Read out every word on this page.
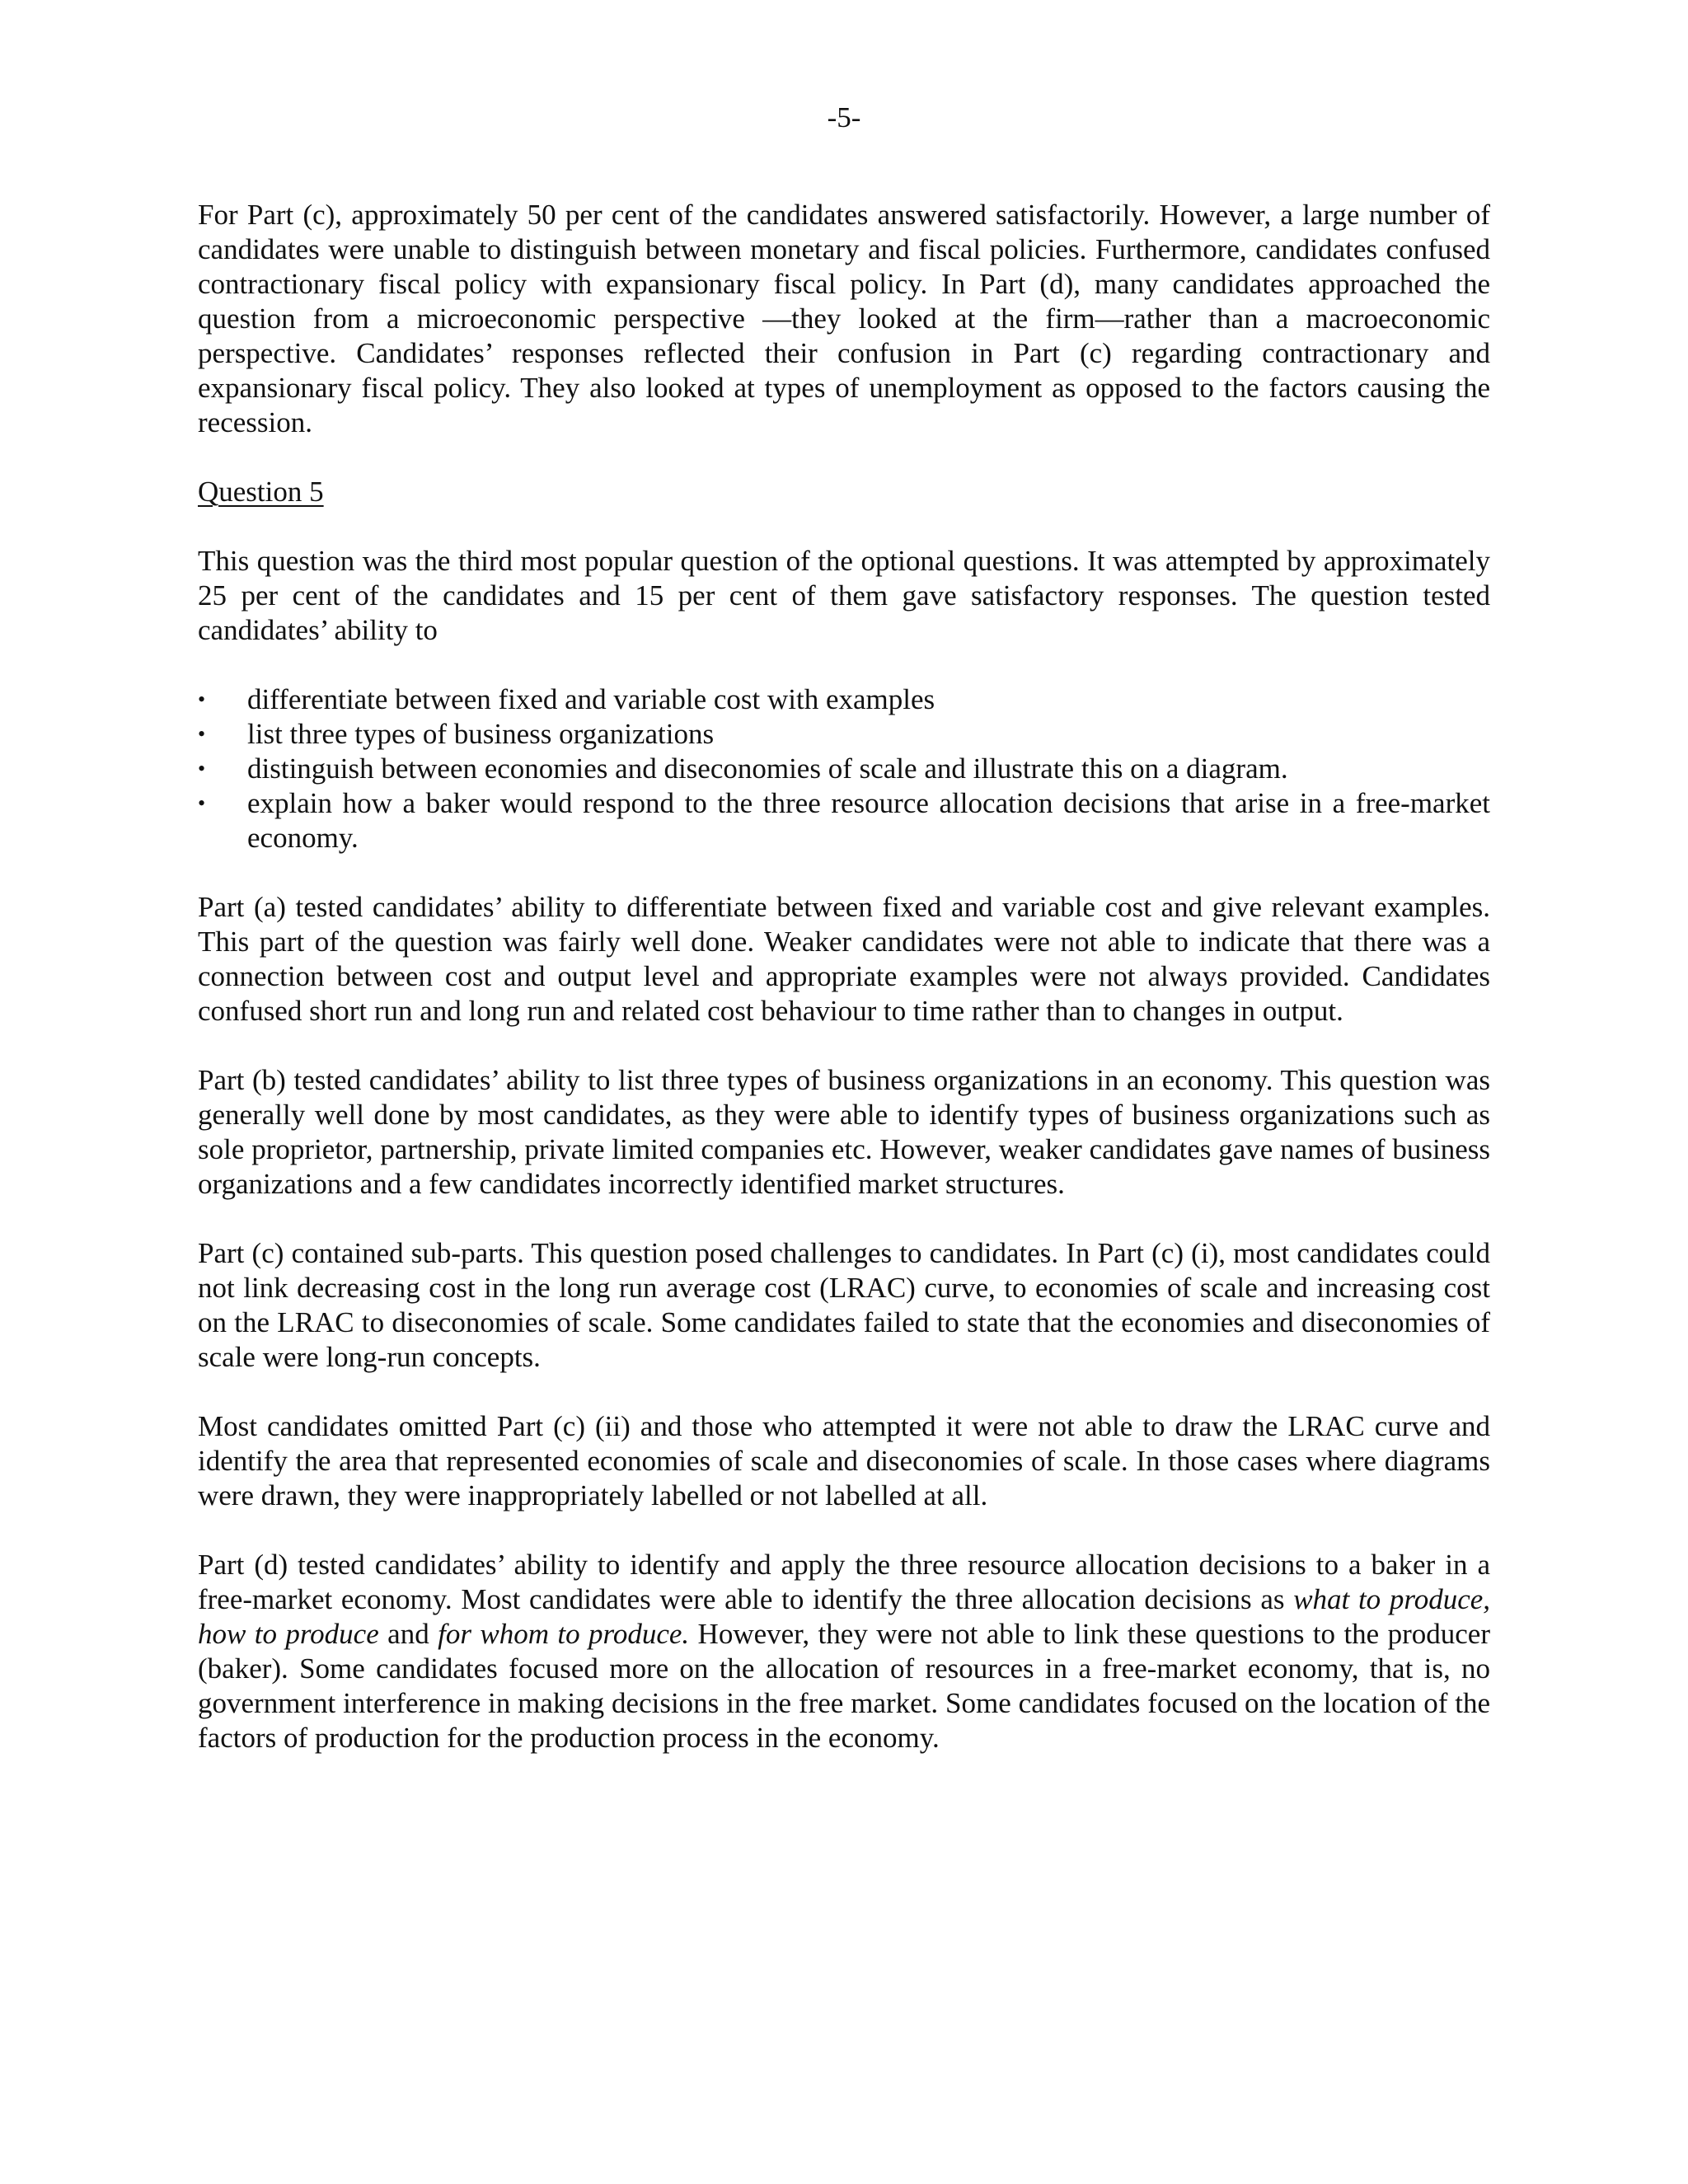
-5-

For Part (c), approximately 50 per cent of the candidates answered satisfactorily. However, a large number of candidates were unable to distinguish between monetary and fiscal policies. Furthermore, candidates confused contractionary fiscal policy with expansionary fiscal policy. In Part (d), many candidates approached the question from a microeconomic perspective —they looked at the firm—rather than a macroeconomic perspective. Candidates’ responses reflected their confusion in Part (c) regarding contractionary and expansionary fiscal policy. They also looked at types of unemployment as opposed to the factors causing the recession.

Question 5

This question was the third most popular question of the optional questions. It was attempted by approximately 25 per cent of the candidates and 15 per cent of them gave satisfactory responses. The question tested candidates’ ability to

• differentiate between fixed and variable cost with examples
• list three types of business organizations
• distinguish between economies and diseconomies of scale and illustrate this on a diagram.
• explain how a baker would respond to the three resource allocation decisions that arise in a free-market economy.

Part (a) tested candidates’ ability to differentiate between fixed and variable cost and give relevant examples. This part of the question was fairly well done. Weaker candidates were not able to indicate that there was a connection between cost and output level and appropriate examples were not always provided. Candidates confused short run and long run and related cost behaviour to time rather than to changes in output.

Part (b) tested candidates’ ability to list three types of business organizations in an economy. This question was generally well done by most candidates, as they were able to identify types of business organizations such as sole proprietor, partnership, private limited companies etc. However, weaker candidates gave names of business organizations and a few candidates incorrectly identified market structures.

Part (c) contained sub-parts. This question posed challenges to candidates. In Part (c) (i), most candidates could not link decreasing cost in the long run average cost (LRAC) curve, to economies of scale and increasing cost on the LRAC to diseconomies of scale. Some candidates failed to state that the economies and diseconomies of scale were long-run concepts.

Most candidates omitted Part (c) (ii) and those who attempted it were not able to draw the LRAC curve and identify the area that represented economies of scale and diseconomies of scale. In those cases where diagrams were drawn, they were inappropriately labelled or not labelled at all.

Part (d) tested candidates’ ability to identify and apply the three resource allocation decisions to a baker in a free-market economy. Most candidates were able to identify the three allocation decisions as what to produce, how to produce and for whom to produce. However, they were not able to link these questions to the producer (baker). Some candidates focused more on the allocation of resources in a free-market economy, that is, no government interference in making decisions in the free market. Some candidates focused on the location of the factors of production for the production process in the economy.
